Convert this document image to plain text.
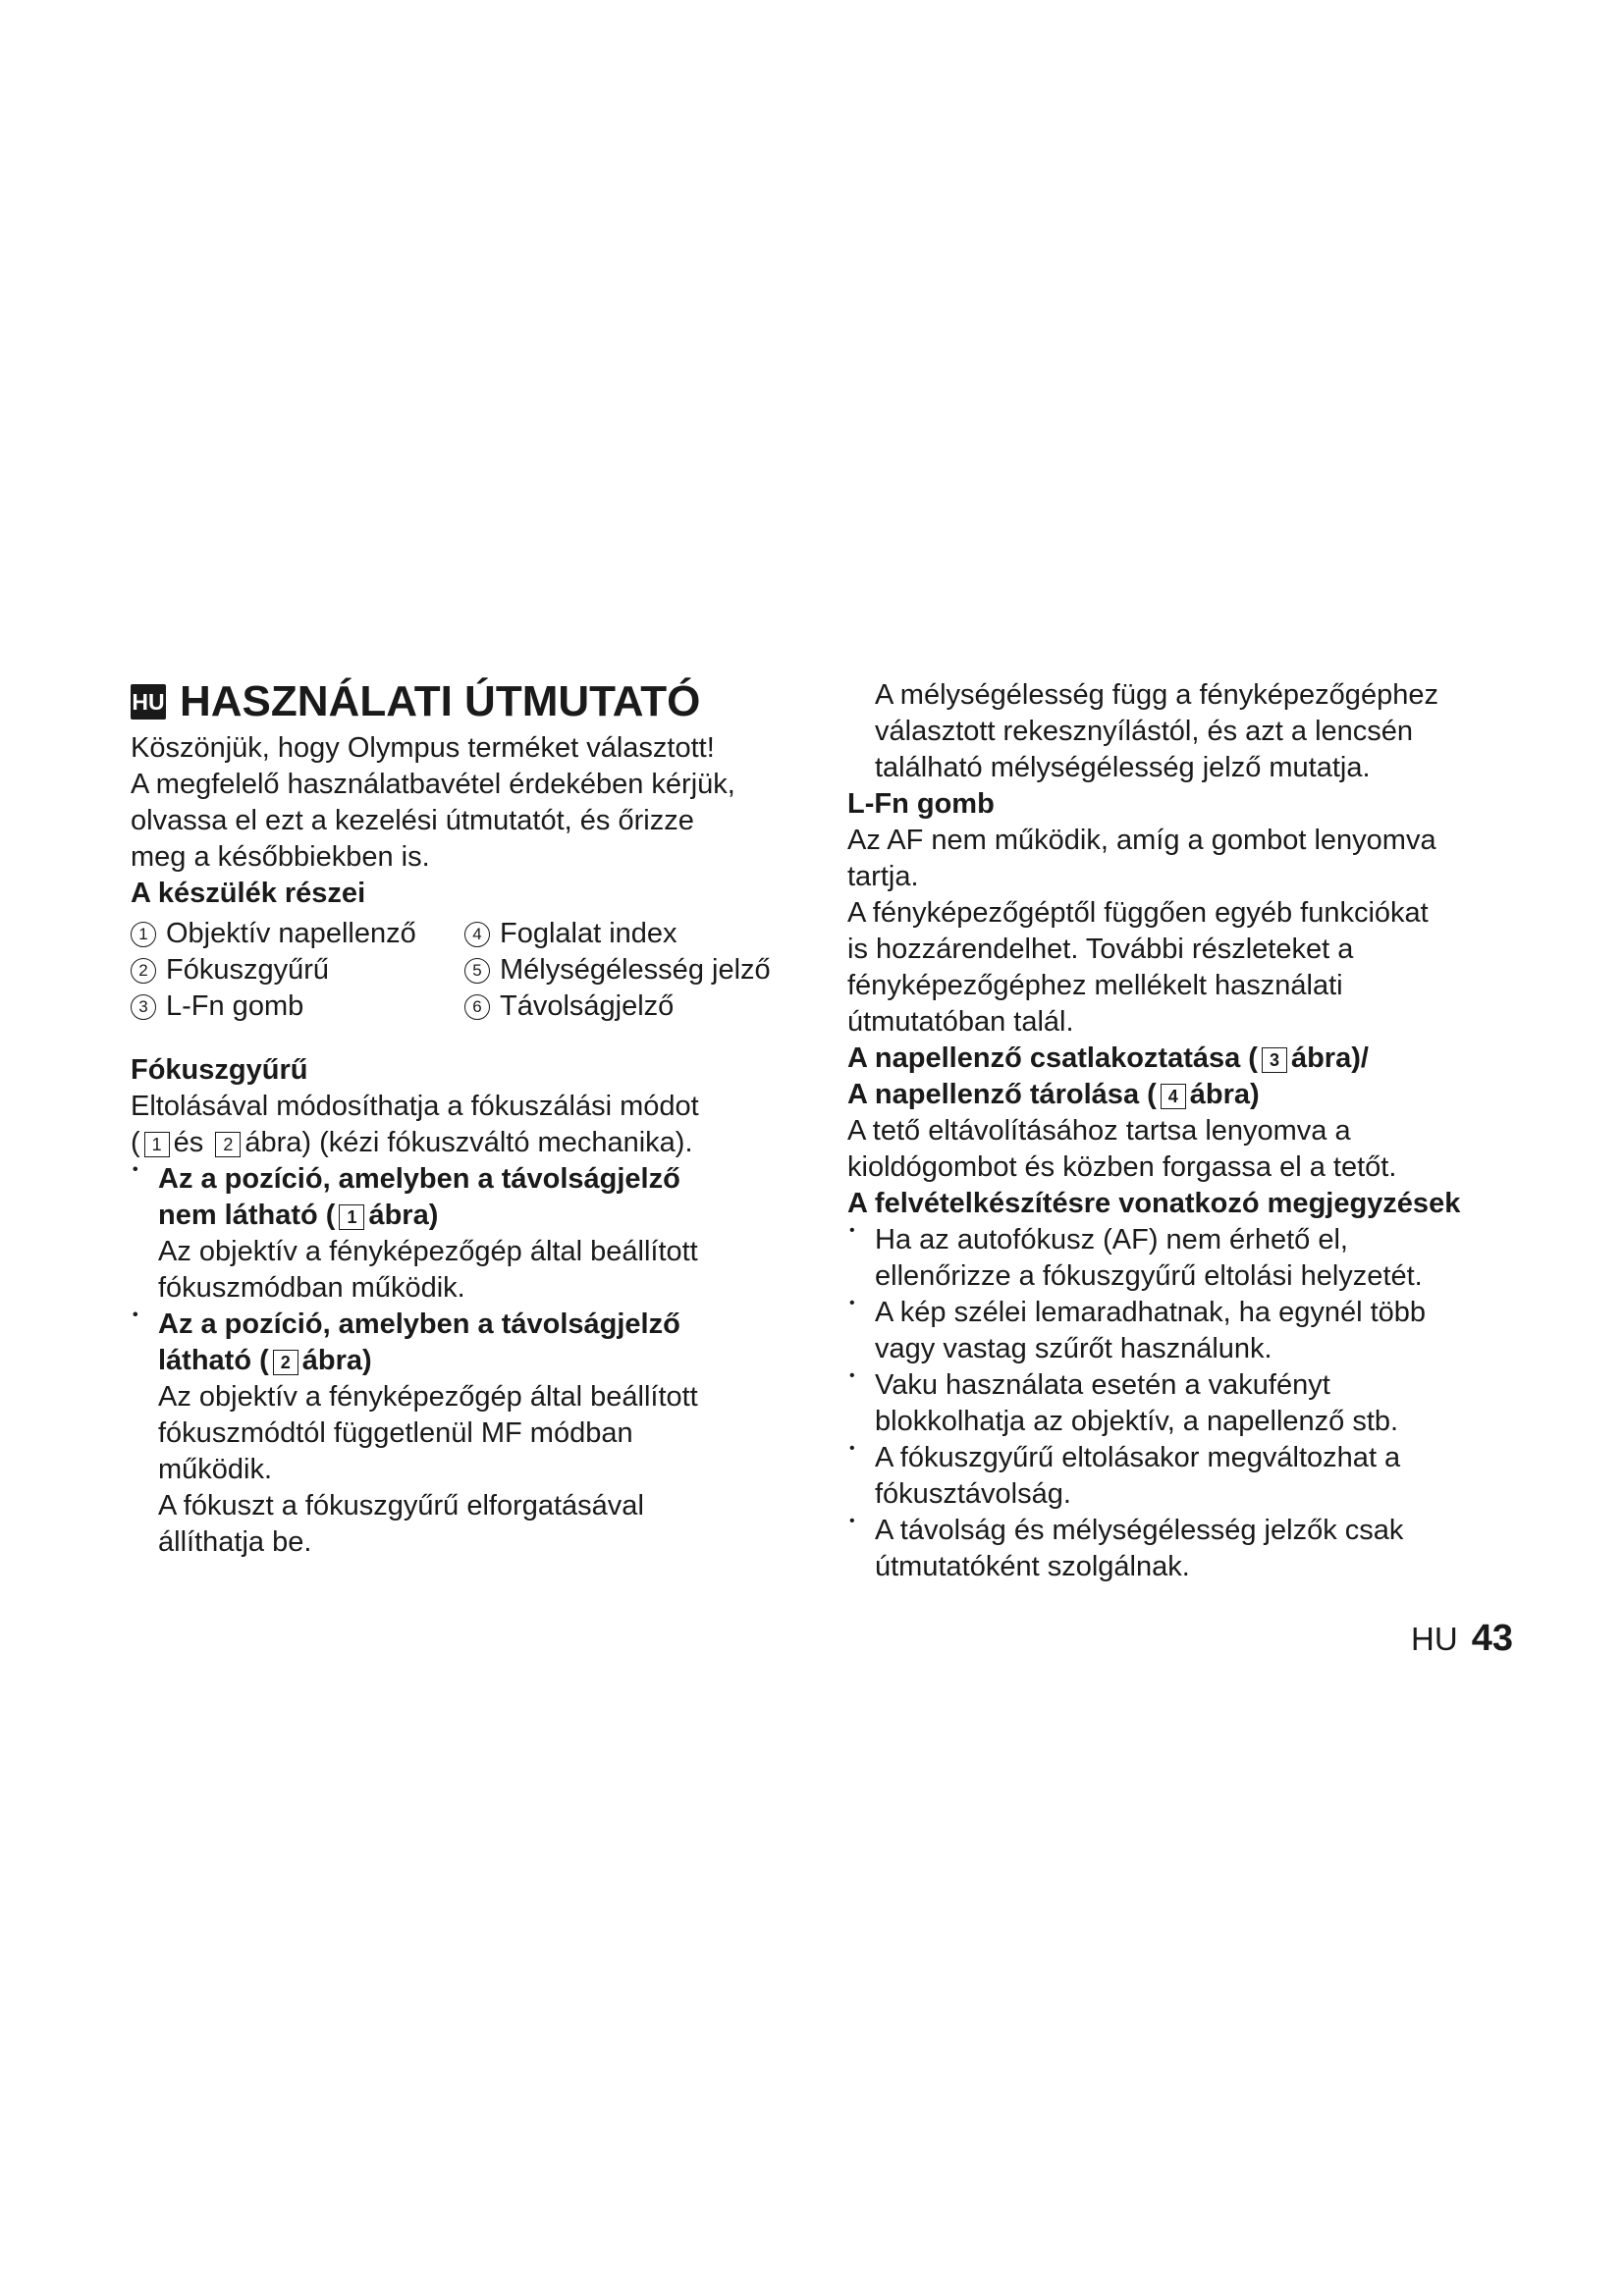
HU HASZNÁLATI ÚTMUTATÓ

Köszönjük, hogy Olympus terméket választott!

A megfelelő használatbavétel érdekében kérjük,

olvassa el ezt a kezelési útmutatót, és őrizze

meg a későbbiekben is.

A készülék részei

1 Objektív napellenző	4 Foglalat index
2 Fókuszgyűrű	5 Mélységélesség jelző
3 L-Fn gomb	6 Távolságjelző

Fókuszgyűrű

Eltolásával módosíthatja a fókuszálási módot

( 1 és 2 ábra) (kézi fókuszváltó mechanika).

• Az a pozíció, amelyben a távolságjelző

nem látható ( 1 ábra)

Az objektív a fényképezőgép által beállított

fókuszmódban működik.

• Az a pozíció, amelyben a távolságjelző

látható ( 2 ábra)

Az objektív a fényképezőgép által beállított

fókuszmódtól függetlenül MF módban

működik.

A fókuszt a fókuszgyűrű elforgatásával

állíthatja be.

A mélységélesség függ a fényképezőgéphez

választott rekesznyílástól, és azt a lencsén

található mélységélesség jelző mutatja.

L-Fn gomb

Az AF nem működik, amíg a gombot lenyomva

tartja.

A fényképezőgéptől függően egyéb funkciókat

is hozzárendelhet. További részleteket a

fényképezőgéphez mellékelt használati

útmutatóban talál.

A napellenző csatlakoztatása ( 3 ábra)/

A napellenző tárolása ( 4 ábra)

A tető eltávolításához tartsa lenyomva a

kioldógombot és közben forgassa el a tetőt.

A felvételkészítésre vonatkozó megjegyzések

• Ha az autofókusz (AF) nem érhető el,

ellenőrizze a fókuszgyűrű eltolási helyzetét.

• A kép szélei lemaradhatnak, ha egynél több

vagy vastag szűrőt használunk.

• Vaku használata esetén a vakufényt

blokkolhatja az objektív, a napellenző stb.

• A fókuszgyűrű eltolásakor megváltozhat a

fókusztávolság.

• A távolság és mélységélesség jelzők csak

útmutatóként szolgálnak.

HU 43
